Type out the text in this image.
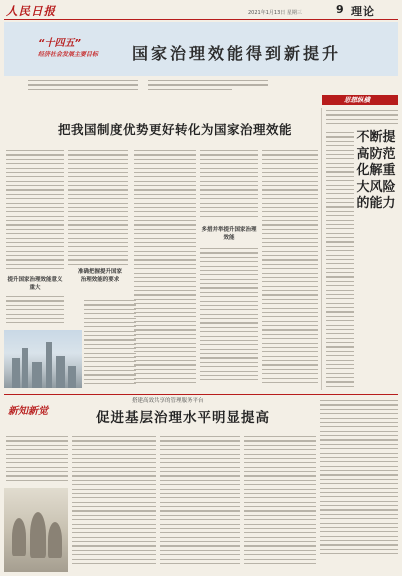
人民日报	2021年1月13日 星期三	9 理论
“十四五”
经济社会发展主要目标 国家治理效能得到新提升
思想纵横
把我国制度优势更好转化为国家治理效能
提升国家治理效能意义重大
准确把握提升国家治理效能的要求
多措并举提升国家治理效能
不断提高防范化解重大风险的能力
新知新觉
搭建高效共享的管理服务平台
促进基层治理水平明显提高
